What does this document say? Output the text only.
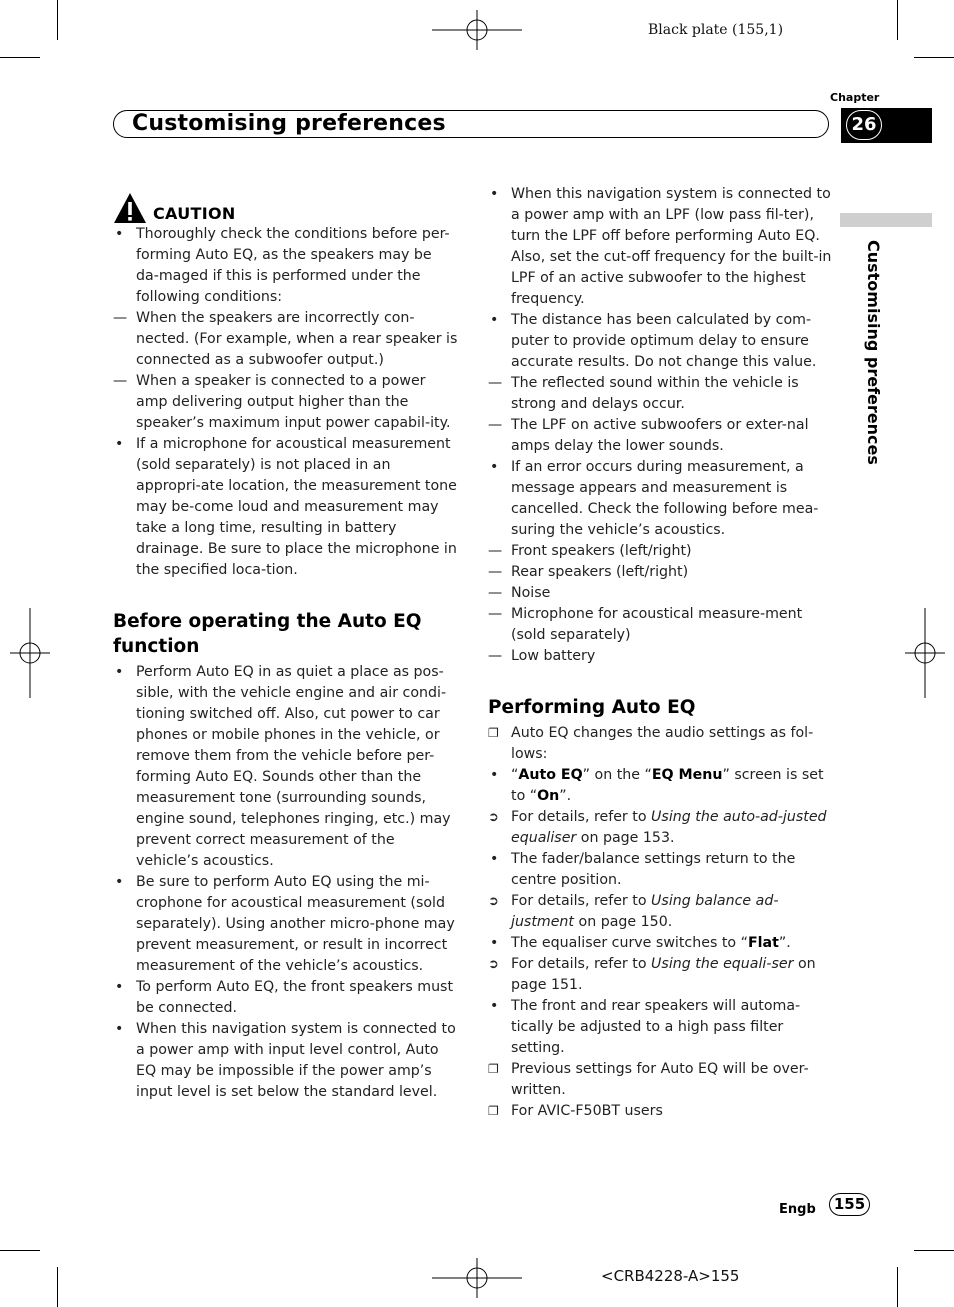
Black plate (155,1)
Customising preferences
Chapter
26
Customising preferences
CAUTION

• Thoroughly check the conditions before per-forming Auto EQ, as the speakers may be da-maged if this is performed under the following conditions:

— When the speakers are incorrectly con-nected. (For example, when a rear speaker is connected as a subwoofer output.)

— When a speaker is connected to a power amp delivering output higher than the speaker’s maximum input power capabil-ity.

• If a microphone for acoustical measurement (sold separately) is not placed in an appropri-ate location, the measurement tone may be-come loud and measurement may take a long time, resulting in battery drainage. Be sure to place the microphone in the specified loca-tion.

Before operating the Auto EQ function

• Perform Auto EQ in as quiet a place as pos-sible, with the vehicle engine and air condi-tioning switched off. Also, cut power to car phones or mobile phones in the vehicle, or remove them from the vehicle before per-forming Auto EQ. Sounds other than the measurement tone (surrounding sounds, engine sound, telephones ringing, etc.) may prevent correct measurement of the vehicle’s acoustics.

• Be sure to perform Auto EQ using the mi-crophone for acoustical measurement (sold separately). Using another micro-phone may prevent measurement, or result in incorrect measurement of the vehicle’s acoustics.

• To perform Auto EQ, the front speakers must be connected.

• When this navigation system is connected to a power amp with input level control, Auto EQ may be impossible if the power amp’s input level is set below the standard level.

• When this navigation system is connected to a power amp with an LPF (low pass fil-ter), turn the LPF off before performing Auto EQ. Also, set the cut-off frequency for the built-in LPF of an active subwoofer to the highest frequency.

• The distance has been calculated by com-puter to provide optimum delay to ensure accurate results. Do not change this value.

— The reflected sound within the vehicle is strong and delays occur.

— The LPF on active subwoofers or exter-nal amps delay the lower sounds.

• If an error occurs during measurement, a message appears and measurement is cancelled. Check the following before mea-suring the vehicle’s acoustics.

— Front speakers (left/right)

— Rear speakers (left/right)

— Noise

— Microphone for acoustical measure-ment (sold separately)

— Low battery

Performing Auto EQ

❐ Auto EQ changes the audio settings as fol-lows:

• “Auto EQ” on the “EQ Menu” screen is set to “On”.

➲ For details, refer to Using the auto-ad-justed equaliser on page 153.

• The fader/balance settings return to the centre position.

➲ For details, refer to Using balance ad-justment on page 150.

• The equaliser curve switches to “Flat”.

➲ For details, refer to Using the equali-ser on page 151.

• The front and rear speakers will automa-tically be adjusted to a high pass filter setting.

❐ Previous settings for Auto EQ will be over-written.

❐ For AVIC-F50BT users

Engb	155
<CRB4228-A>155
